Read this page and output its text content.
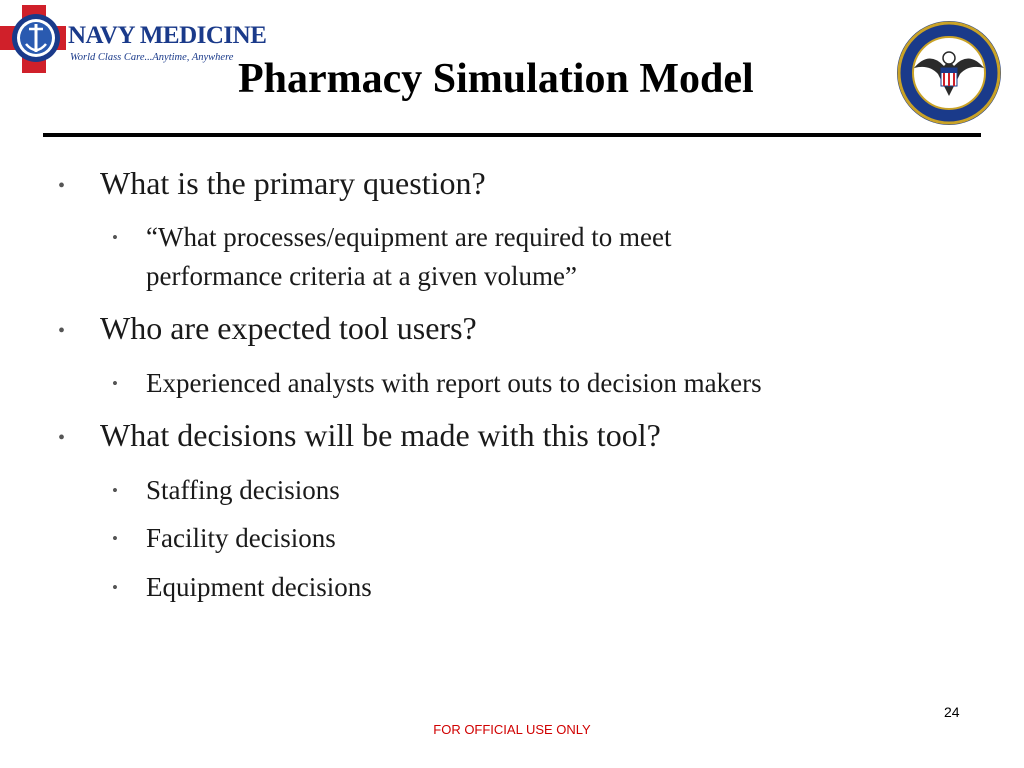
NAVY MEDICINE
World Class Care...Anytime, Anywhere Pharmacy Simulation Model
• What is the primary question?
• “What processes/equipment are required to meet
performance criteria at a given volume”
• Who are expected tool users?
• Experienced analysts with report outs to decision makers
• What decisions will be made with this tool?
• Staffing decisions
• Facility decisions
• Equipment decisions
24
FOR OFFICIAL USE ONLY
